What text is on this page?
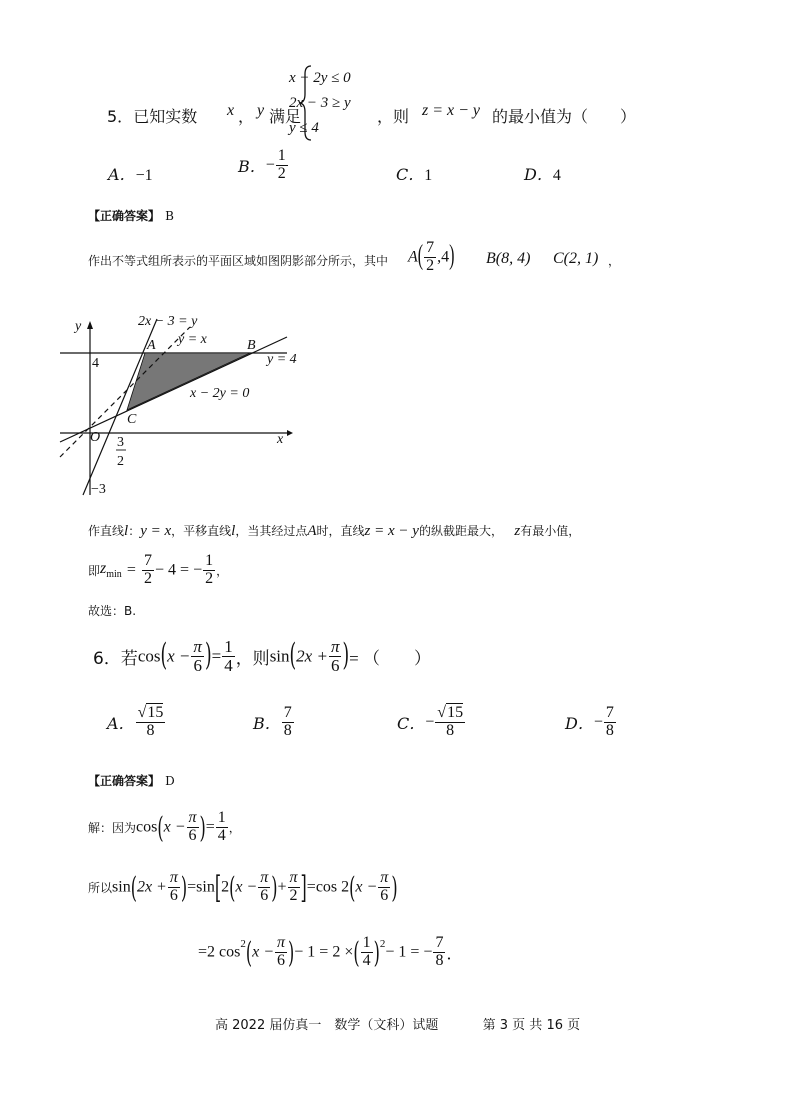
5．已知实数 x ， y 满足
x − 2y ≤ 0
2x − 3 ≥ y
y ≤ 4
，则 z = x − y 的最小值为（　　）
A．−1	B．− $\frac{1}{2}$	C．1	D．4
【正确答案】 B
作出不等式组所表示的平面区域如图阴影部分所示，其中 $A( \frac{7}{2} ,4)$ B(8, 4) C(2, 1) ，
y
x
2x − 3 = y
y = x
y = 4
x − 2y = 0
A	B
C
O
4
3
2
−3
作直线l：y = x，平移直线l，当其经过点A时，直线z = x − y的纵截距最大， z有最小值，
即$z_{min} = \frac{7}{2} - 4$ = − $\frac{1}{2}$ ，
故选：B.
6．若$\cos(x - \frac{\pi}{6}$ )= $\frac{1}{4}$ ，则$\sin(2x + \frac{\pi}{6}$ )= （　　）
A． $\frac{√15}{8}$	B． $\frac{7}{8}$	C．− $\frac{√15}{8}$	D．− $\frac{7}{8}$
【正确答案】 D
解：因为$\cos(x - \frac{\pi}{6}$ )= $\frac{1}{4}$ ，
所以$\sin(2x + \frac{\pi}{6} )=\sin[2(x - \frac{\pi}{6}$ )+ $\frac{\pi}{2} ]=\cos$ $2(x - \frac{\pi}{6}$ )
=2 $\cos^2(x - \frac{\pi}{6}$ )− 1 = 2 ×( $\frac{1}{4} )^2- 1$ = − $\frac{7}{8}$ ．
高 2022 届仿真一　数学（文科）试题	第 3 页 共 16 页
